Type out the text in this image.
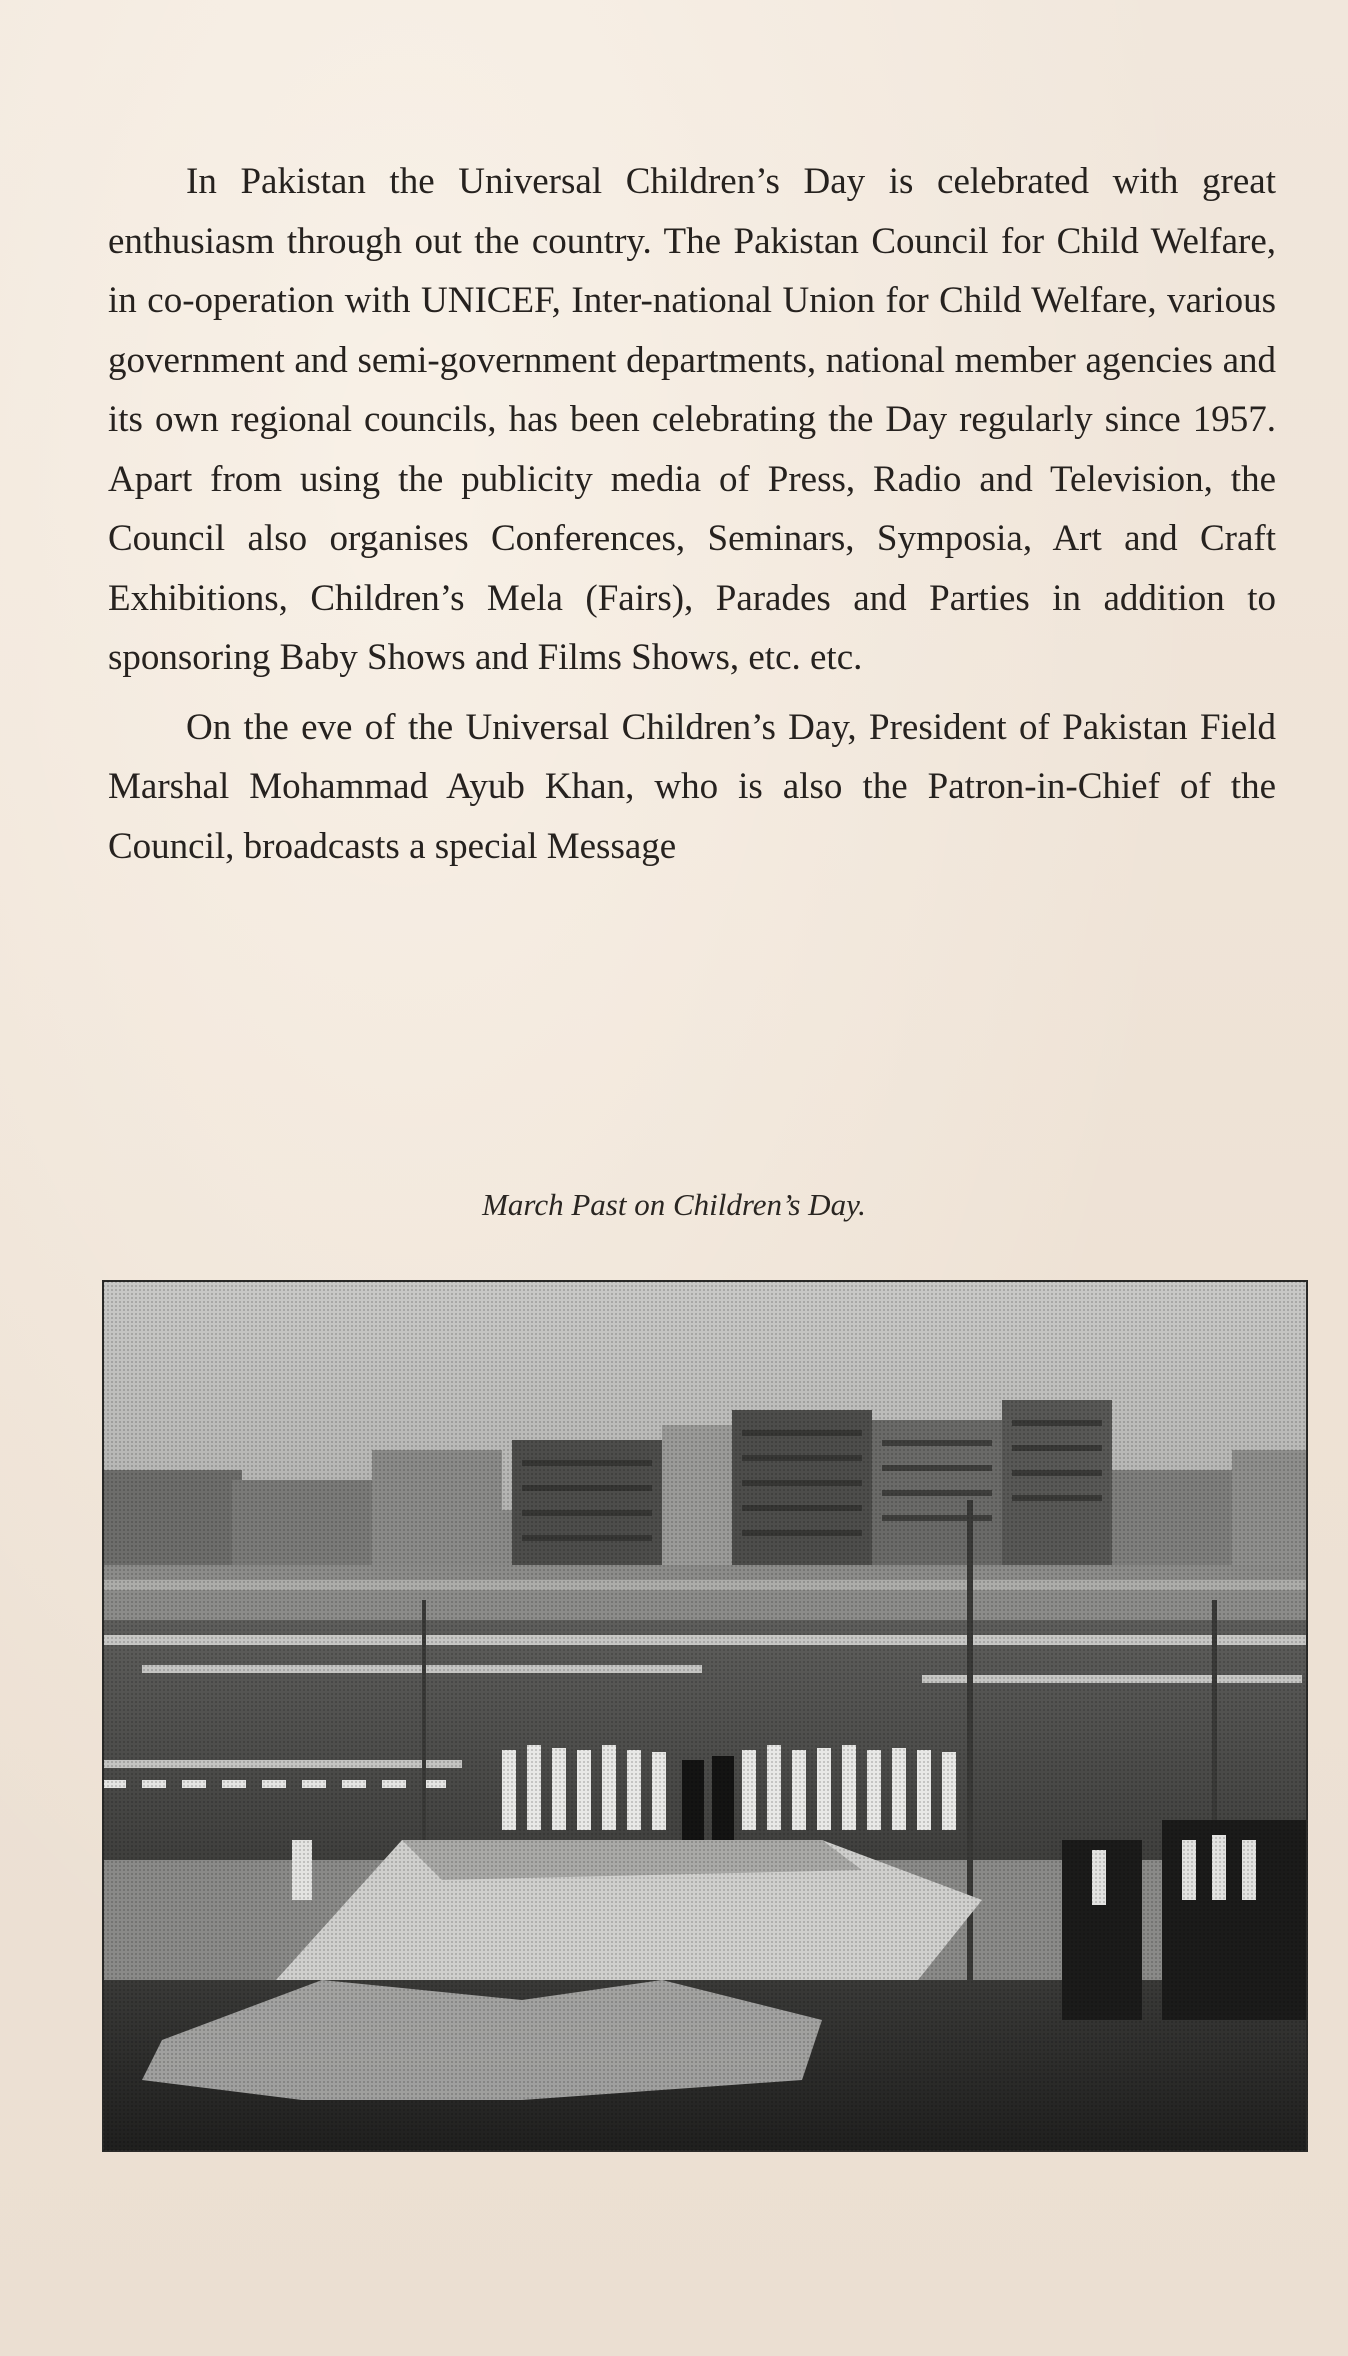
In Pakistan the Universal Children’s Day is celebrated with great enthusiasm through out the country. The Pakistan Council for Child Welfare, in co-operation with UNICEF, Inter-national Union for Child Welfare, various government and semi-government departments, national member agencies and its own regional councils, has been celebrating the Day regularly since 1957. Apart from using the publicity media of Press, Radio and Television, the Council also organises Conferences, Seminars, Symposia, Art and Craft Exhibitions, Children’s Mela (Fairs), Parades and Parties in addition to sponsoring Baby Shows and Films Shows, etc. etc.

On the eve of the Universal Children’s Day, President of Pakistan Field Marshal Mohammad Ayub Khan, who is also the Patron-in-Chief of the Council, broadcasts a special Message

March Past on Children’s Day.
